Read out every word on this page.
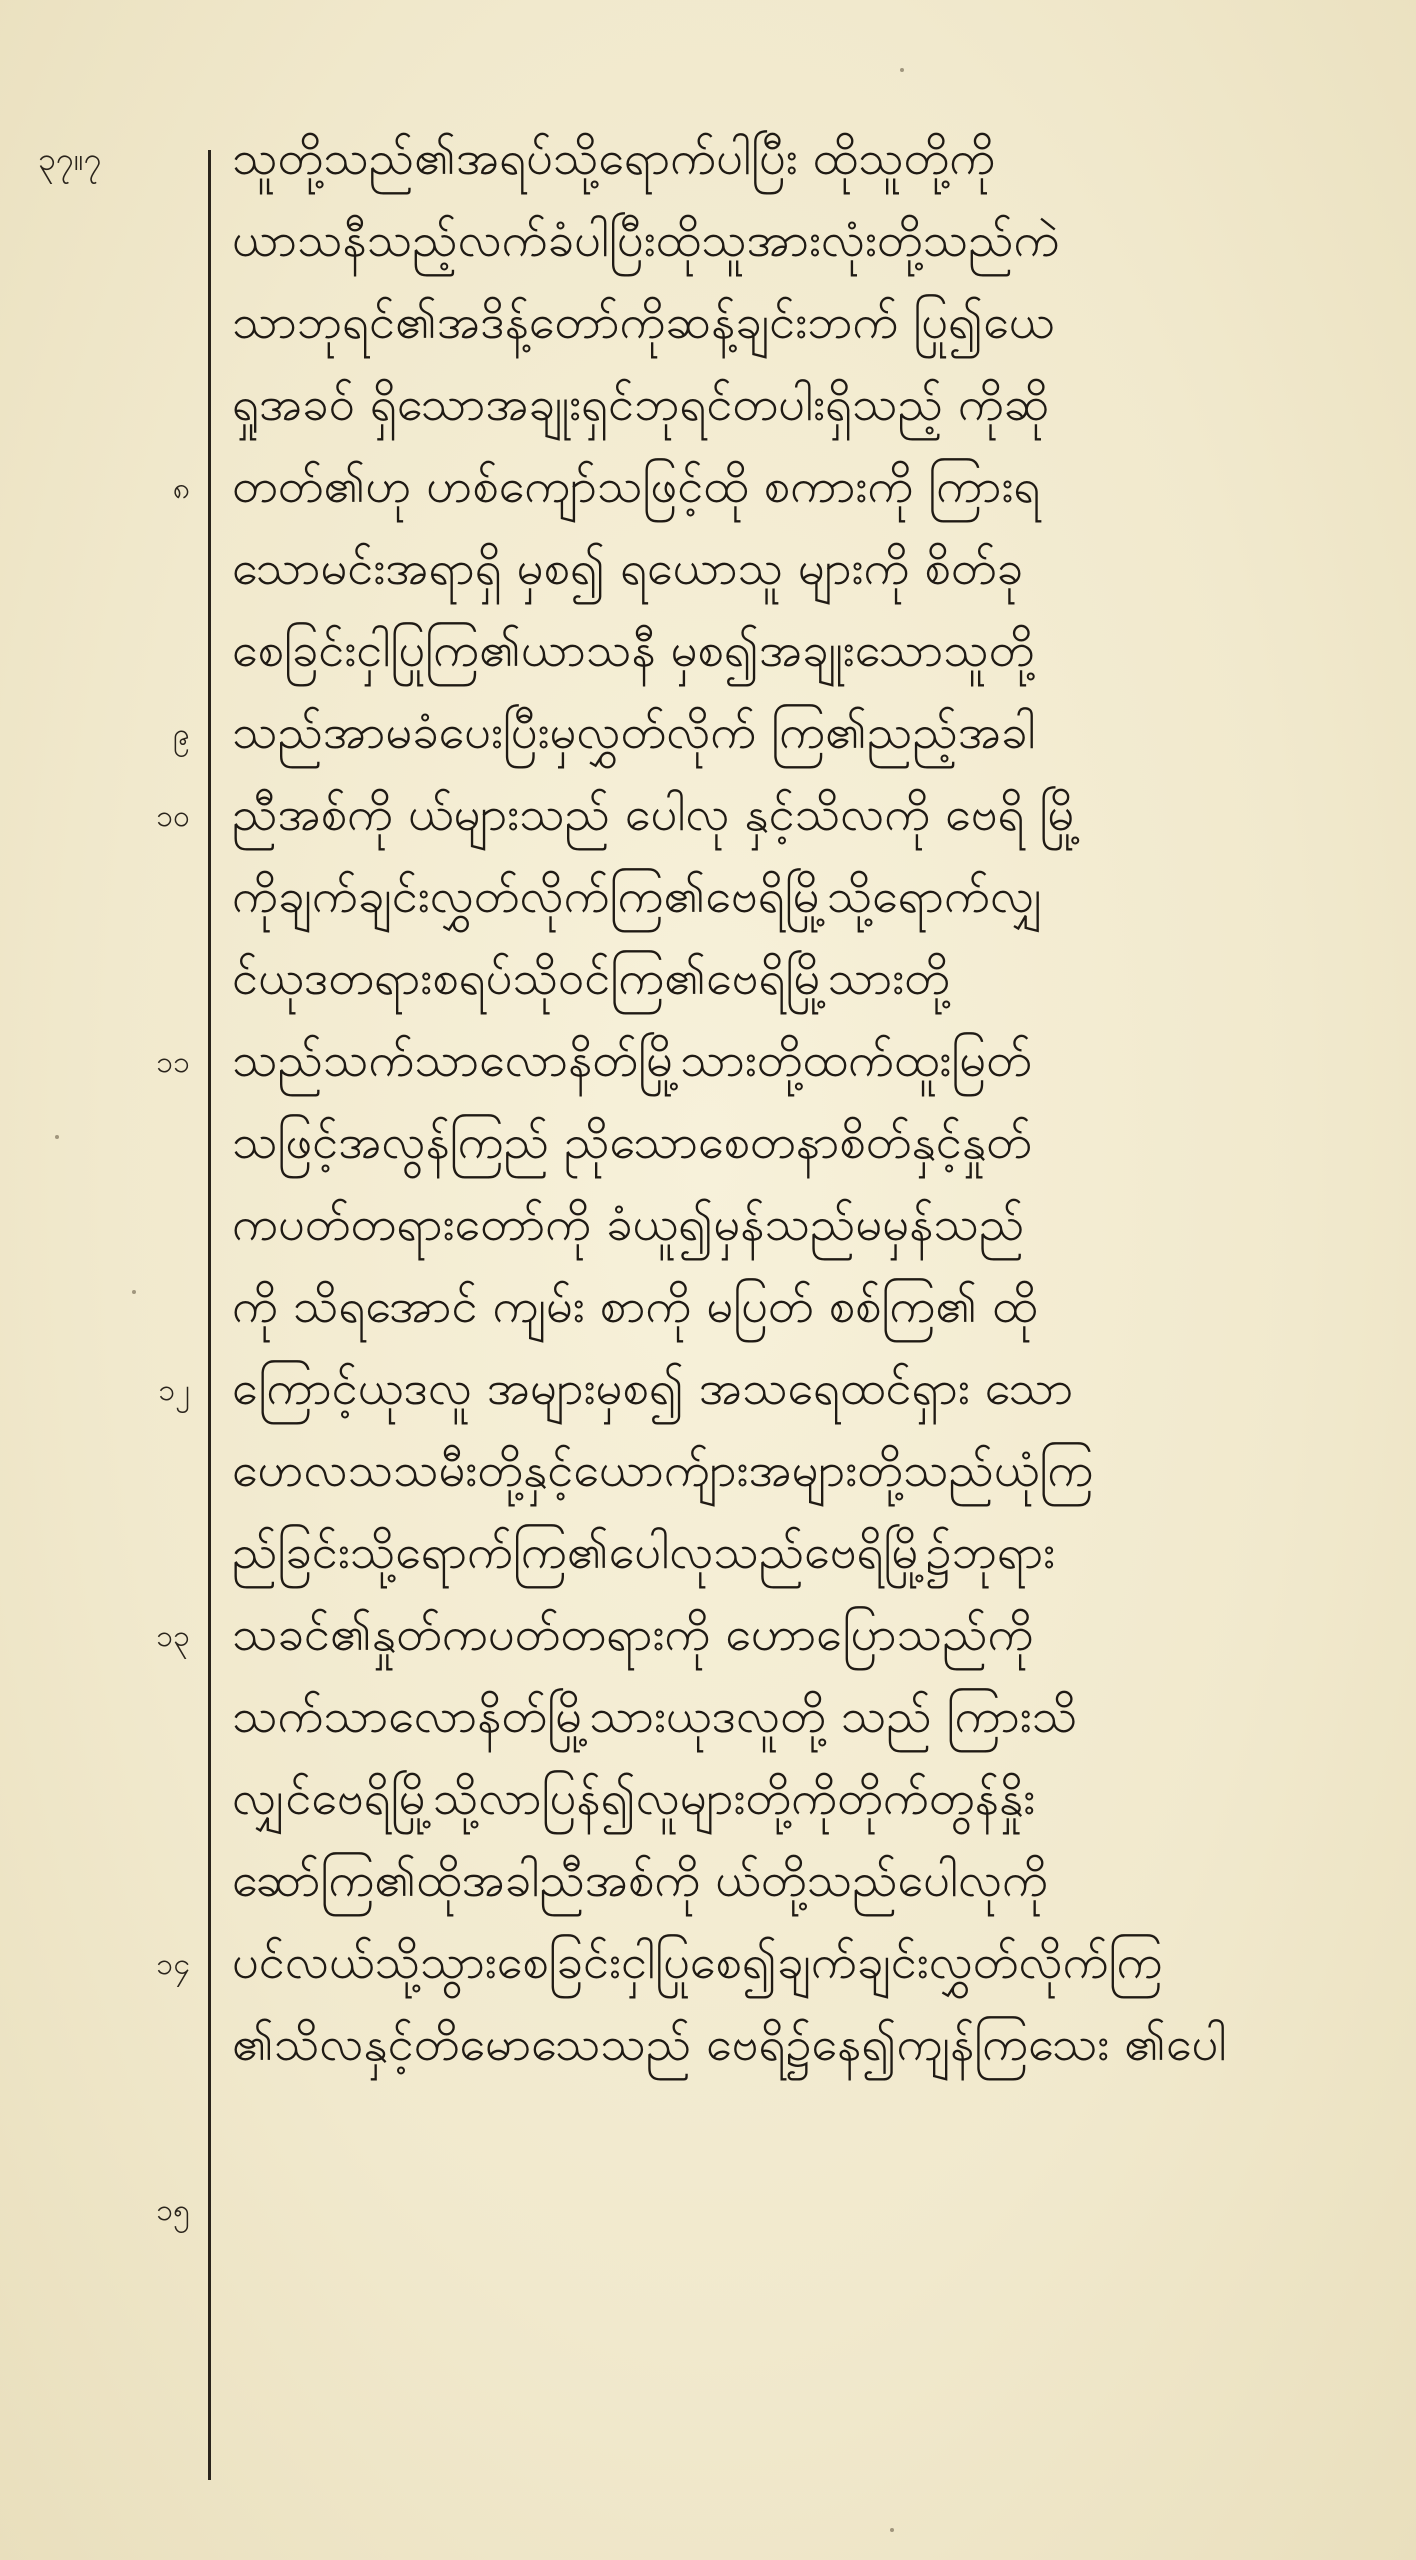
၃၇။၇
၈
၉
၁၀
၁၁
၁၂
၁၃
၁၄
၁၅
သူတို့သည်၏အရပ်သို့ရောက်ပါပြီး ထိုသူတို့ကို
ယာသနီသည့်လက်ခံပါပြီးထိုသူအားလုံးတို့သည်ကဲ
သာဘုရင်၏အဒိန့်တော်ကိုဆန့်ချင်းဘက် ပြု၍ယေ
ရှုအခဝ် ရှိသောအချုးရှင်ဘုရင်တပါးရှိသည့် ကိုဆို
တတ်၏ဟု ဟစ်ကျော်သဖြင့်ထို စကားကို ကြားရ
သောမင်းအရာရှိ မှစ၍ ရယောသူ များကို စိတ်ခု
စေခြင်းငှါပြုကြ၏ယာသနီ မှစ၍အချုးသောသူတို့
သည်အာမခံပေးပြီးမှလွှတ်လိုက် ကြ၏ညည့်အခါ
ညီအစ်ကို ယ်များသည် ပေါလု နှင့်သိလကို ဗေရိ မြို့
ကိုချက်ချင်းလွှတ်လိုက်ကြ၏ဗေရိမြို့သို့ရောက်လျှ
င်ယုဒတရားစရပ်သိုဝင်ကြ၏ဗေရိမြို့သားတို့
သည်သက်သာလောနိတ်မြို့သားတို့ထက်ထူးမြတ်
သဖြင့်အလွန်ကြည် ညိုသောစေတနာစိတ်နှင့်နှုတ်
ကပတ်တရားတော်ကို ခံယူ၍မှန်သည်မမှန်သည်
ကို သိရအောင် ကျမ်း စာကို မပြတ် စစ်ကြ၏ ထို
ကြောင့်ယုဒလူ အများမှစ၍ အသရေထင်ရှား သော
ဟေလသသမီးတို့နှင့်ယောက်ျားအများတို့သည်ယုံကြ
ည်ခြင်းသို့ရောက်ကြ၏ပေါလုသည်ဗေရိမြို့၌ဘုရား
သခင်၏နှုတ်ကပတ်တရားကို ဟောပြောသည်ကို
သက်သာလောနိတ်မြို့သားယုဒလူတို့ သည် ကြားသိ
လျှင်ဗေရိမြို့သို့လာပြန်၍လူများတို့ကိုတိုက်တွန်နှိုး
ဆော်ကြ၏ထိုအခါညီအစ်ကို ယ်တို့သည်ပေါလုကို
ပင်လယ်သို့သွားစေခြင်းငှါပြုစေ၍ချက်ချင်းလွှတ်လိုက်ကြ
၏သိလနှင့်တိမောသေသည် ဗေရိ၌နေ၍ကျန်ကြသေး ၏ပေါ
